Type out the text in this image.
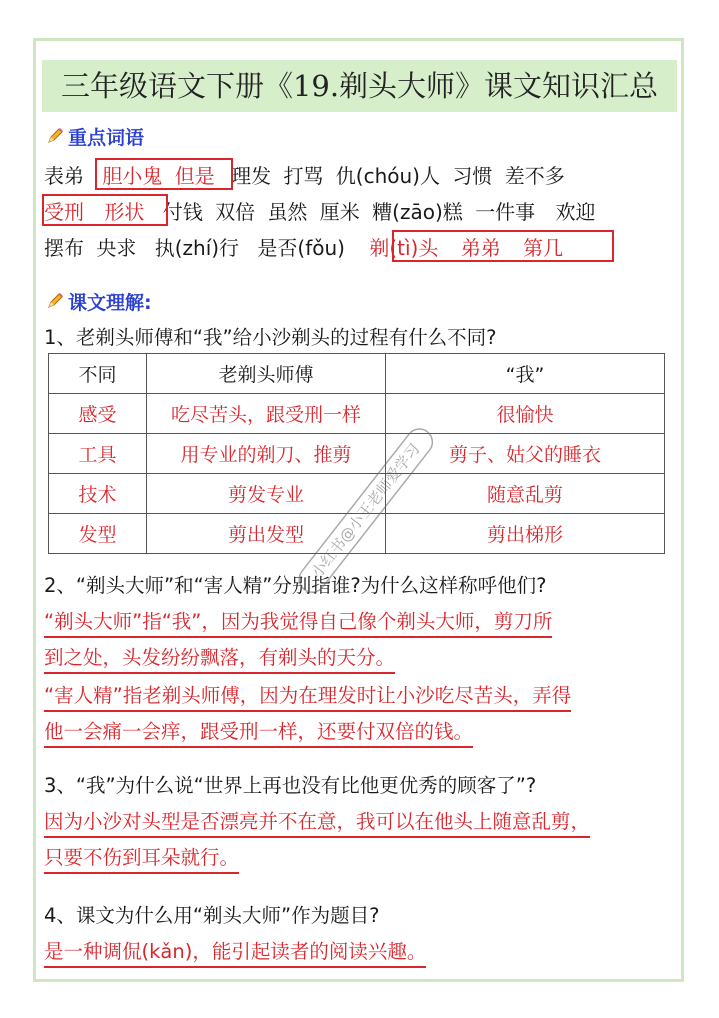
三年级语文下册《19.剃头大师》课文知识汇总
重点词语
表弟 胆小鬼 但是 理发 打骂 仇(chóu)人 习惯 差不多
受刑 形状 付钱 双倍 虽然 厘米 糟(zāo)糕 一件事 欢迎
摆布 央求 执(zhí)行 是否(fǒu) 剃(tì)头 弟弟 第几
课文理解:
1、老剃头师傅和“我”给小沙剃头的过程有什么不同?
不同	老剃头师傅	“我”
感受	吃尽苦头，跟受刑一样	很愉快
工具	用专业的剃刀、推剪	剪子、姑父的睡衣
技术	剪发专业	随意乱剪
发型	剪出发型	剪出梯形
2、“剃头大师”和“害人精”分别指谁?为什么这样称呼他们?
“剃头大师”指“我”，因为我觉得自己像个剃头大师，剪刀所
到之处，头发纷纷飘落，有剃头的天分。
“害人精”指老剃头师傅，因为在理发时让小沙吃尽苦头，弄得
他一会痛一会痒，跟受刑一样，还要付双倍的钱。
3、“我”为什么说“世界上再也没有比他更优秀的顾客了”?
因为小沙对头型是否漂亮并不在意，我可以在他头上随意乱剪，
只要不伤到耳朵就行。
4、课文为什么用“剃头大师”作为题目?
是一种调侃(kǎn)，能引起读者的阅读兴趣。
小红书@小王老师爱学习
